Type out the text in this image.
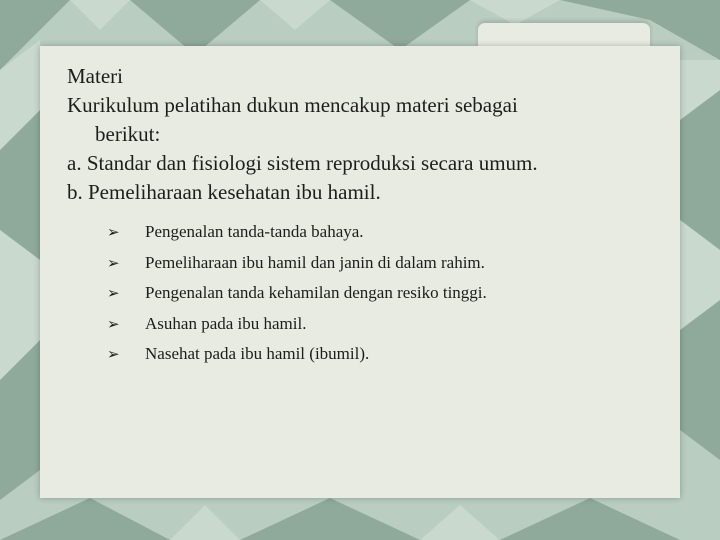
Materi

Kurikulum pelatihan dukun mencakup materi sebagai

berikut:

a. Standar dan fisiologi sistem reproduksi secara umum.

b. Pemeliharaan kesehatan ibu hamil.

➢	Pengenalan tanda-tanda bahaya.
➢	Pemeliharaan ibu hamil dan janin di dalam rahim.
➢	Pengenalan tanda kehamilan dengan resiko tinggi.
➢	Asuhan pada ibu hamil.
➢	Nasehat pada ibu hamil (ibumil).
